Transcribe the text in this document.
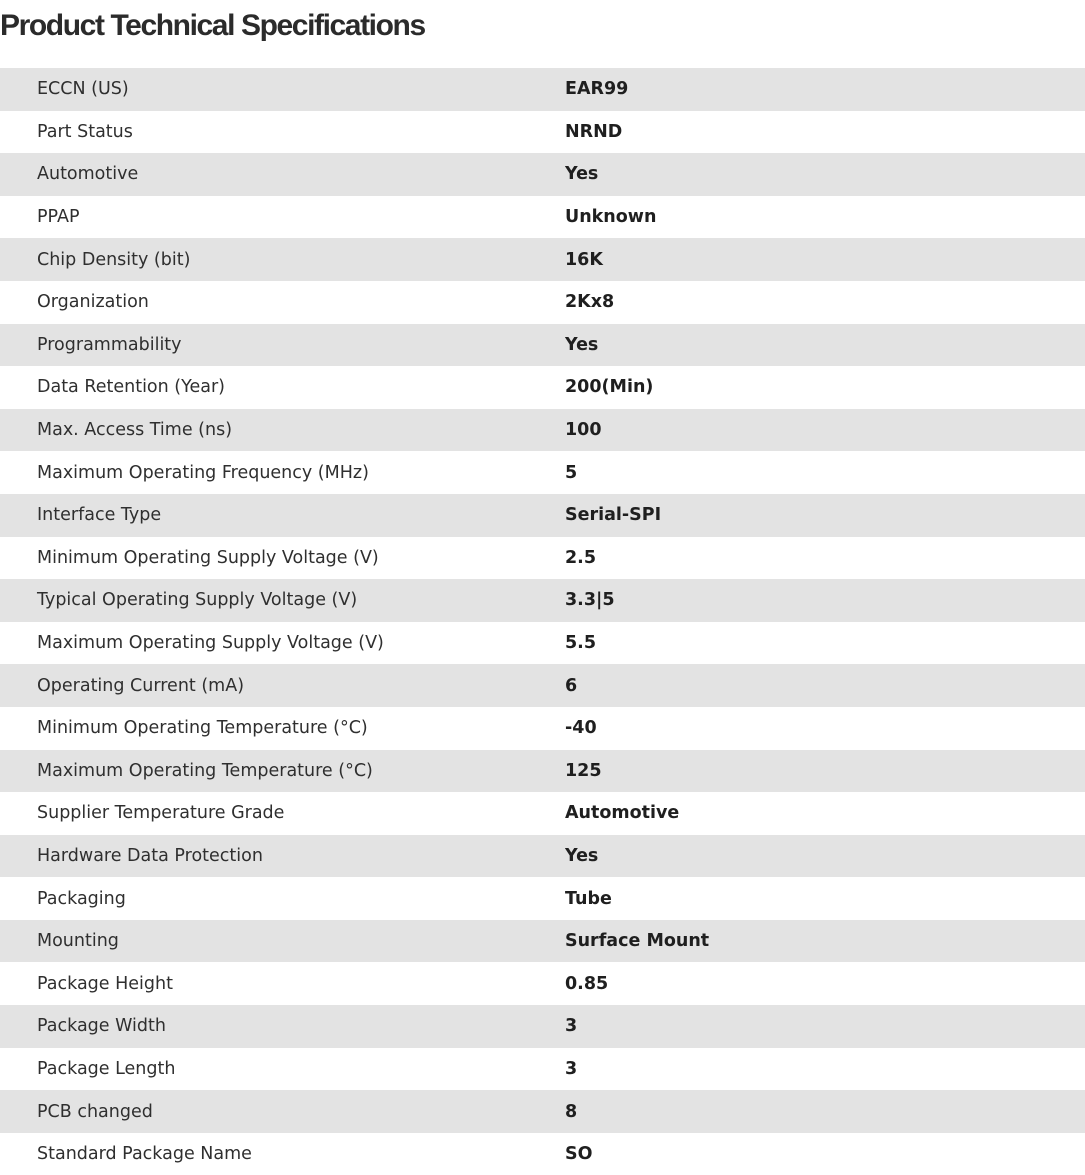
Product Technical Specifications
ECCN (US)	EAR99
Part Status	NRND
Automotive	Yes
PPAP	Unknown
Chip Density (bit)	16K
Organization	2Kx8
Programmability	Yes
Data Retention (Year)	200(Min)
Max. Access Time (ns)	100
Maximum Operating Frequency (MHz)	5
Interface Type	Serial-SPI
Minimum Operating Supply Voltage (V)	2.5
Typical Operating Supply Voltage (V)	3.3|5
Maximum Operating Supply Voltage (V)	5.5
Operating Current (mA)	6
Minimum Operating Temperature (°C)	-40
Maximum Operating Temperature (°C)	125
Supplier Temperature Grade	Automotive
Hardware Data Protection	Yes
Packaging	Tube
Mounting	Surface Mount
Package Height	0.85
Package Width	3
Package Length	3
PCB changed	8
Standard Package Name	SO
